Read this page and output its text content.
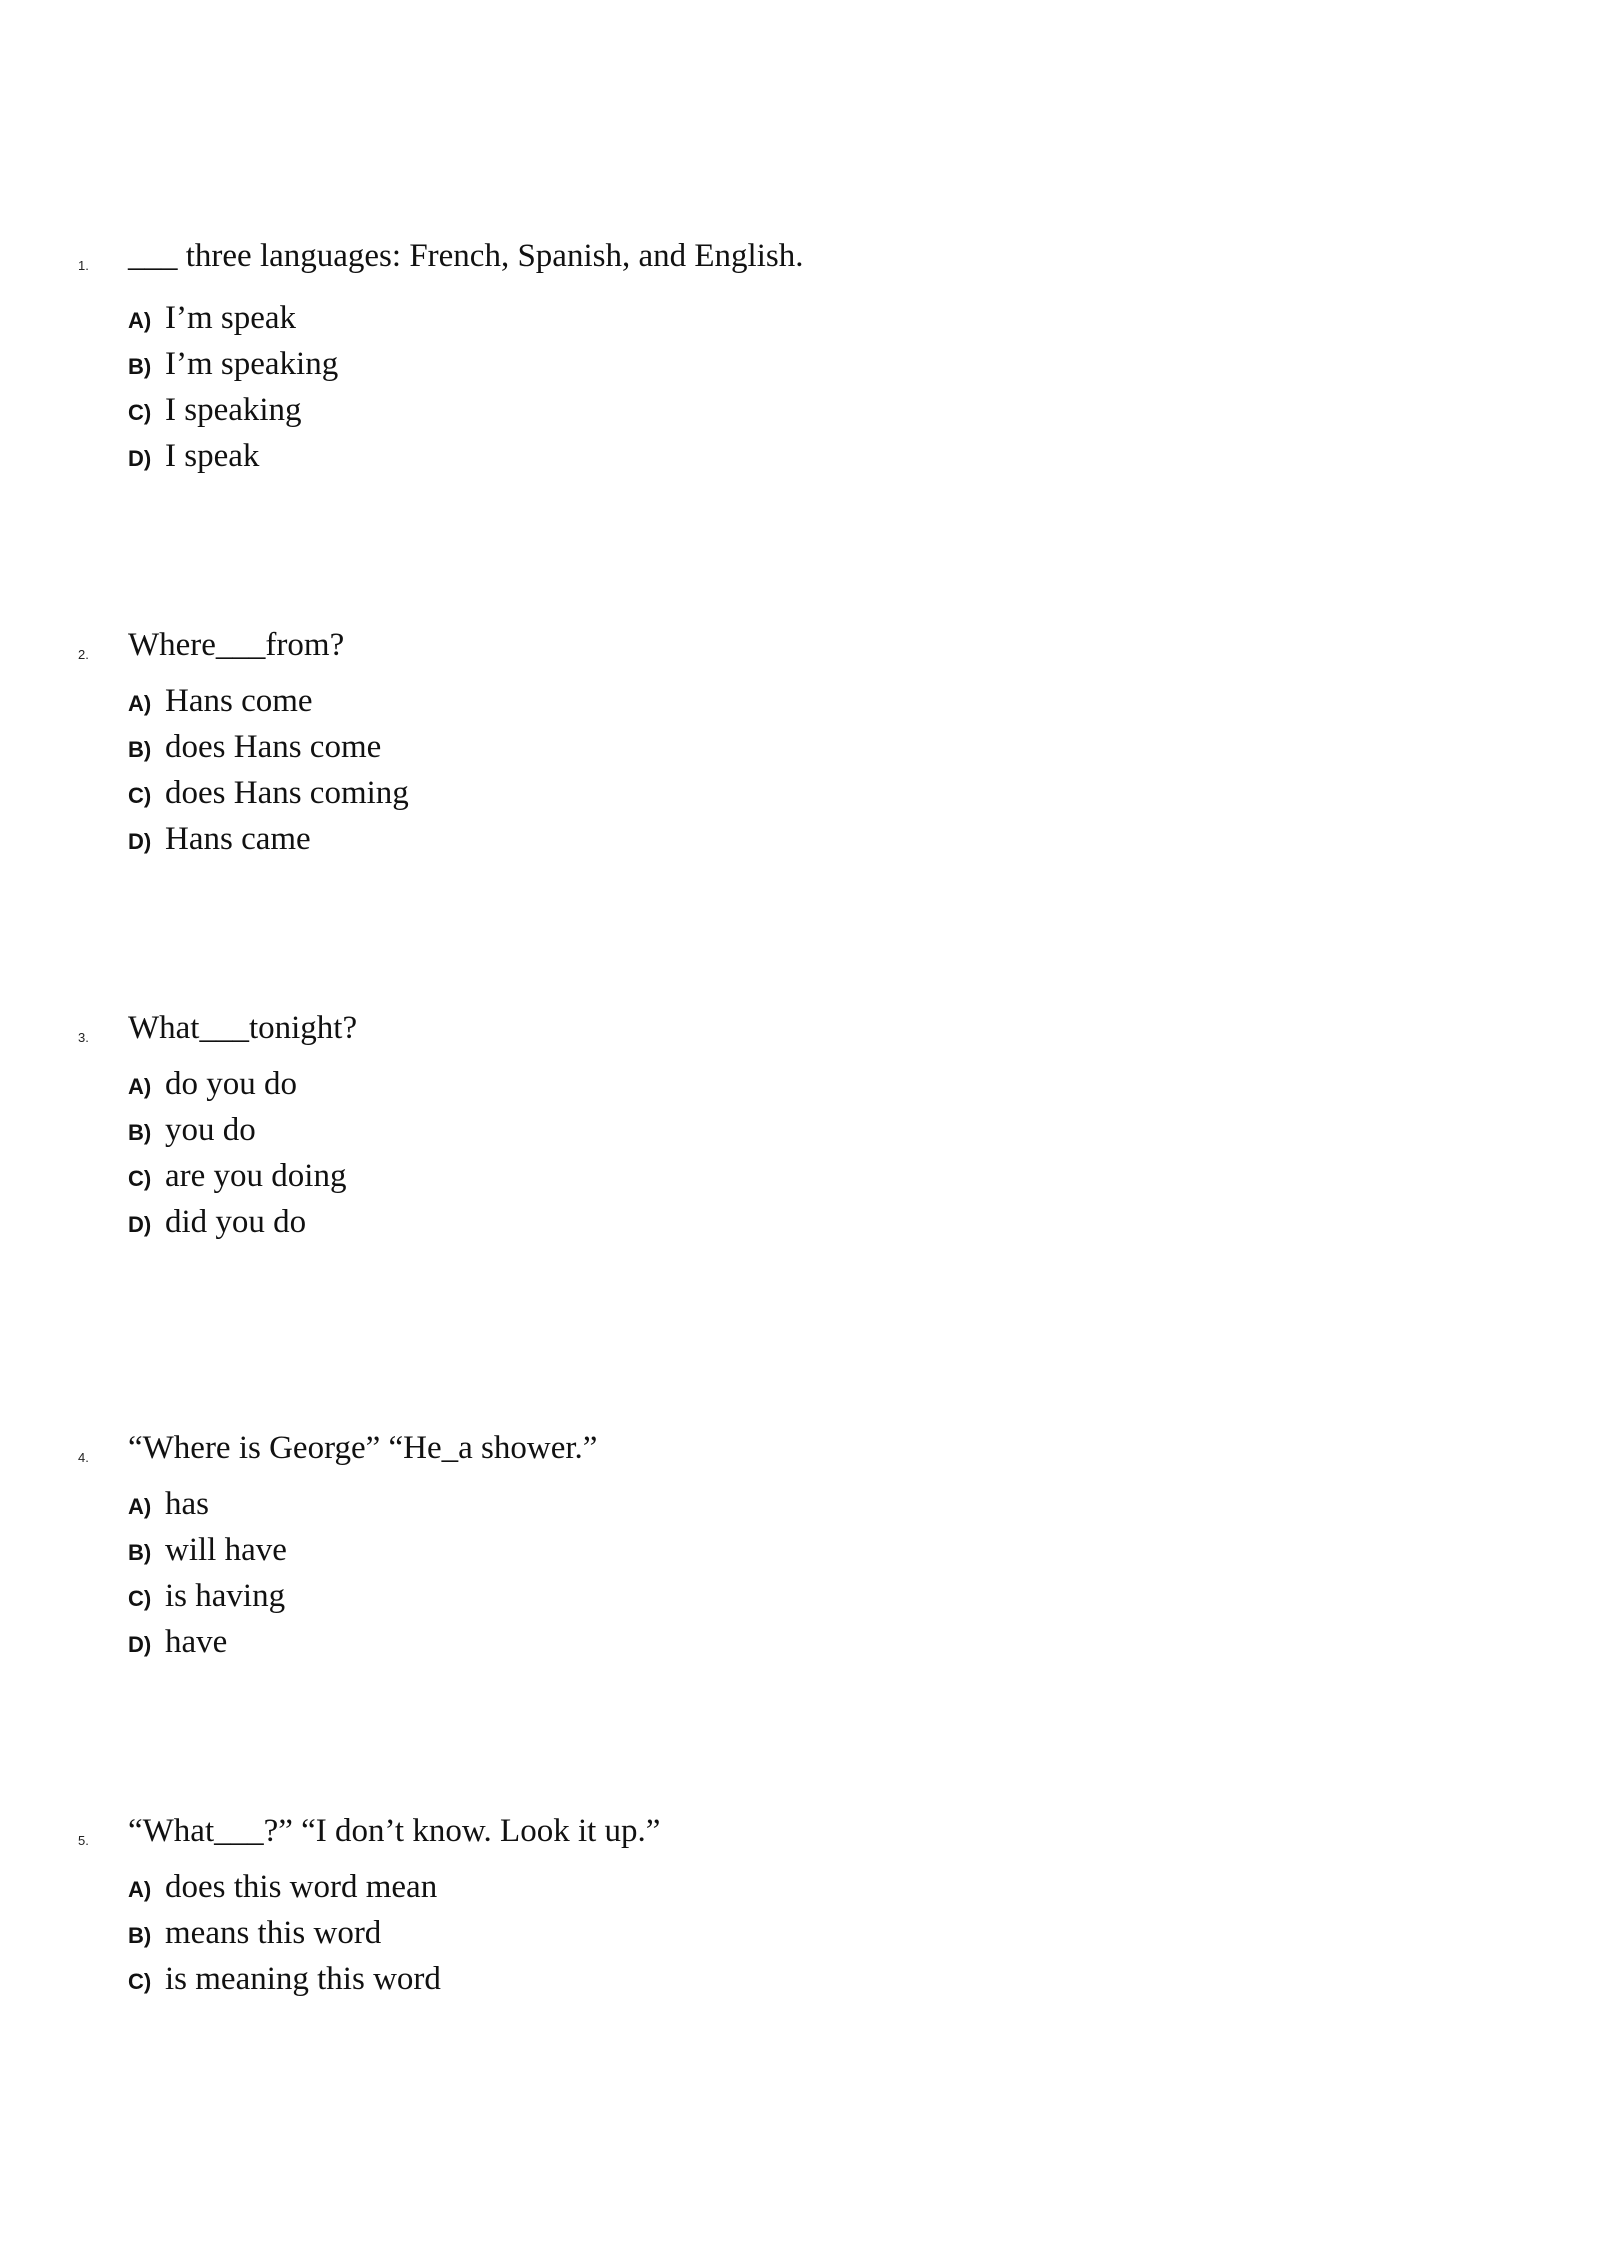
1. ___ three languages: French, Spanish, and English.
A) I’m speak
B) I’m speaking
C) I speaking
D) I speak
2. Where___from?
A) Hans come
B) does Hans come
C) does Hans coming
D) Hans came
3. What___tonight?
A) do you do
B) you do
C) are you doing
D) did you do
4. “Where is George” “He_a shower.”
A) has
B) will have
C) is having
D) have
5. “What___?” “I don’t know. Look it up.”
A) does this word mean
B) means this word
C) is meaning this word
